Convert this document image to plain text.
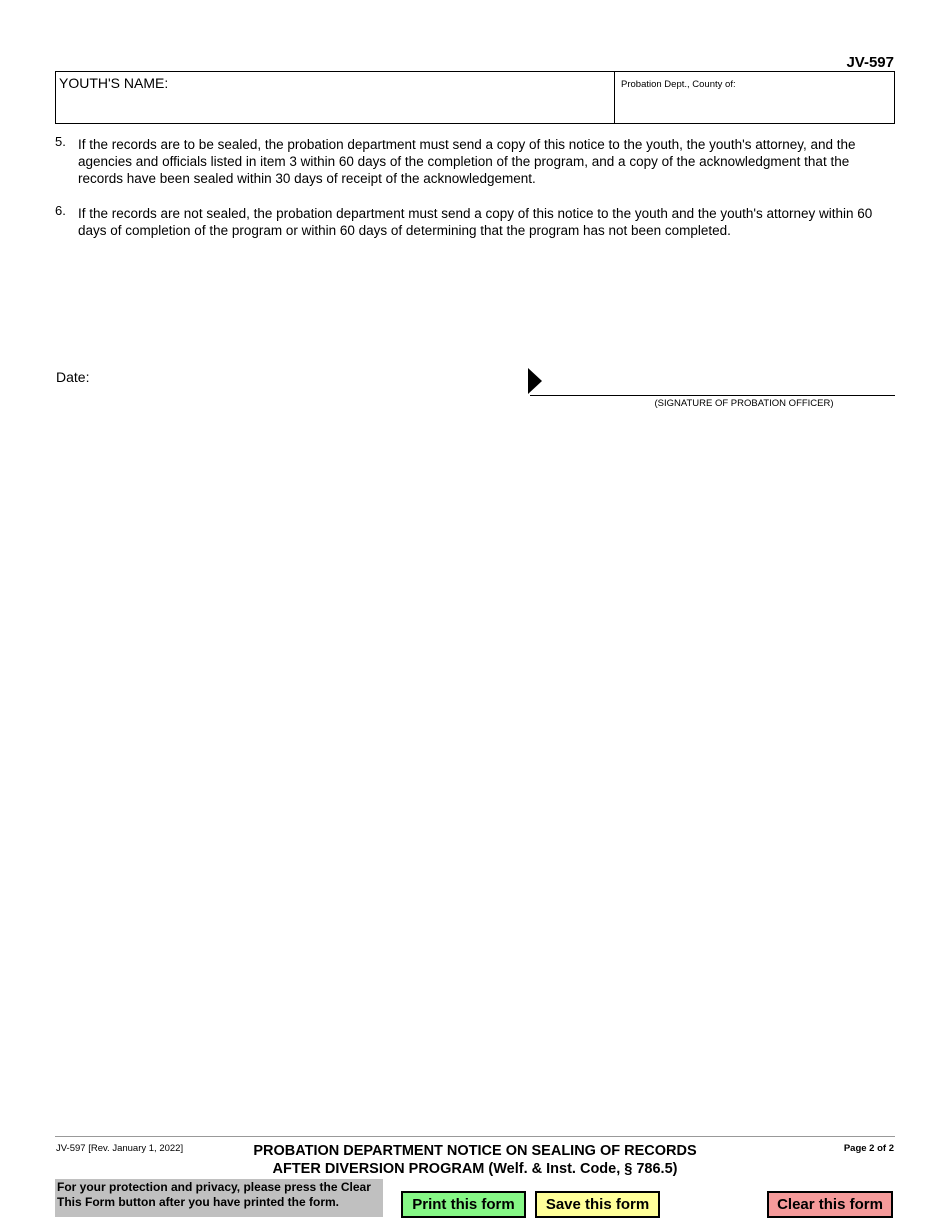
JV-597
YOUTH'S NAME:	Probation Dept., County of:
5. If the records are to be sealed, the probation department must send a copy of this notice to the youth, the youth's attorney, and the agencies and officials listed in item 3 within 60 days of the completion of the program, and a copy of the acknowledgment that the records have been sealed within 30 days of receipt of the acknowledgement.
6. If the records are not sealed, the probation department must send a copy of this notice to the youth and the youth's attorney within 60 days of completion of the program or within 60 days of determining that the program has not been completed.
Date:
(SIGNATURE OF PROBATION OFFICER)
JV-597 [Rev. January 1, 2022]	PROBATION DEPARTMENT NOTICE ON SEALING OF RECORDS
AFTER DIVERSION PROGRAM (Welf. & Inst. Code, § 786.5)
Page 2 of 2
For your protection and privacy, please press the Clear This Form button after you have printed the form.	Print this form	Save this form	Clear this form
